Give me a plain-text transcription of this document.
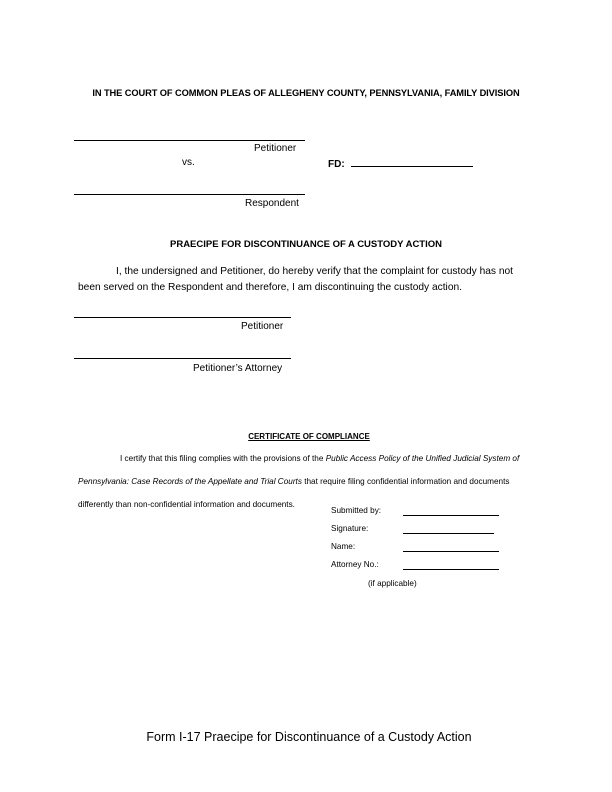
IN THE COURT OF COMMON PLEAS OF ALLEGHENY COUNTY, PENNSYLVANIA, FAMILY DIVISION
Petitioner
vs.	FD:
Respondent
PRAECIPE FOR DISCONTINUANCE OF A CUSTODY ACTION
I, the undersigned and Petitioner, do hereby verify that the complaint for custody has not been served on the Respondent and therefore, I am discontinuing the custody action.
Petitioner
Petitioner’s Attorney
CERTIFICATE OF COMPLIANCE
I certify that this filing complies with the provisions of the Public Access Policy of the Unified Judicial System of Pennsylvania: Case Records of the Appellate and Trial Courts that require filing confidential information and documents differently than non-confidential information and documents.
Submitted by:
Signature:
Name:
Attorney No.:
(if applicable)
Form I-17 Praecipe for Discontinuance of a Custody Action
